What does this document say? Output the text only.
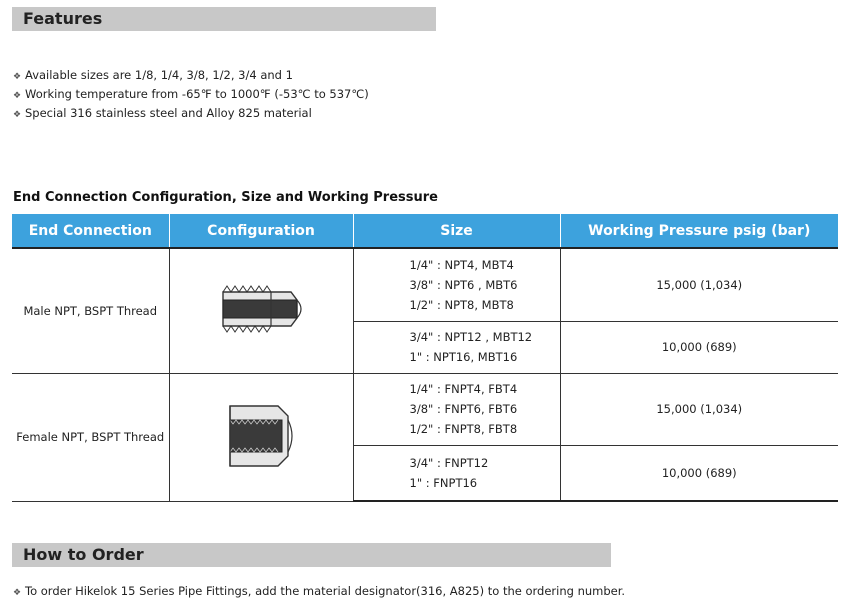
Features
❖ Available sizes are 1/8, 1/4, 3/8, 1/2, 3/4 and 1
❖ Working temperature from -65℉ to 1000℉ (-53℃ to 537℃)
❖ Special 316 stainless steel and Alloy 825 material
End Connection Configuration, Size and Working Pressure
End Connection	Configuration	Size	Working Pressure psig (bar)
Male NPT, BSPT Thread		1/4" : NPT4, MBT4
3/8" : NPT6 , MBT6
1/2" : NPT8, MBT8	15,000 (1,034)

		3/4" : NPT12 , MBT12
1" : NPT16, MBT16	10,000 (689)
Female NPT, BSPT Thread		1/4" : FNPT4, FBT4
3/8" : FNPT6, FBT6
1/2" : FNPT8, FBT8	15,000 (1,034)

		3/4" : FNPT12
1" : FNPT16	10,000 (689)
How to Order
❖ To order Hikelok 15 Series Pipe Fittings, add the material designator(316, A825) to the ordering number.
